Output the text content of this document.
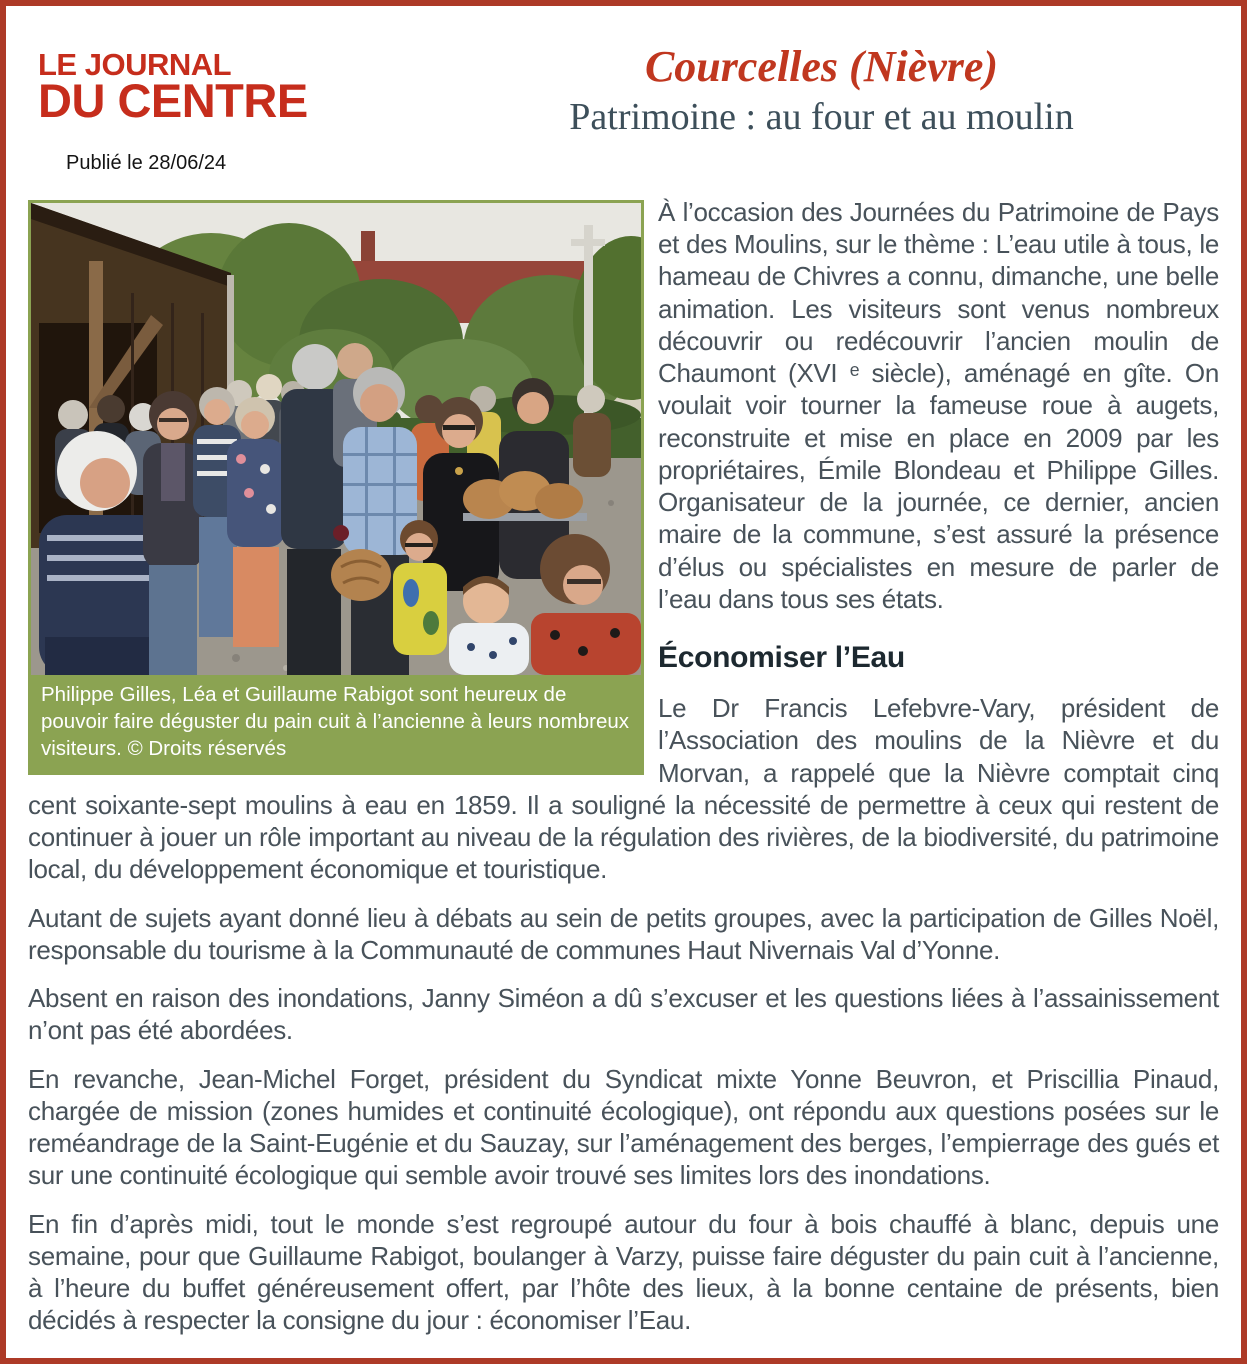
LE JOURNAL
DU CENTRE
Publié le 28/06/24
Courcelles (Nièvre)
Patrimoine : au four et au moulin
Philippe Gilles, Léa et Guillaume Rabigot sont heureux de pouvoir faire déguster du pain cuit à l’ancienne à leurs nombreux visiteurs. © Droits réservés

À l’occasion des Journées du Patrimoine de Pays et des Moulins, sur le thème : L’eau utile à tous, le hameau de Chivres a connu, dimanche, une belle animation. Les visiteurs sont venus nombreux découvrir ou redécouvrir l’ancien moulin de Chaumont (XVI ᵉ siècle), aménagé en gîte. On voulait voir tourner la fameuse roue à augets, reconstruite et mise en place en 2009 par les propriétaires, Émile Blondeau et Philippe Gilles. Organisateur de la journée, ce dernier, ancien maire de la commune, s’est assuré la présence d’élus ou spécialistes en mesure de parler de l’eau dans tous ses états.

Économiser l’Eau

Le Dr Francis Lefebvre-Vary, président de l’Association des moulins de la Nièvre et du Morvan, a rappelé que la Nièvre comptait cinq cent soixante-sept moulins à eau en 1859. Il a souligné la nécessité de permettre à ceux qui restent de continuer à jouer un rôle important au niveau de la régulation des rivières, de la biodiversité, du patrimoine local, du développement économique et touristique.

Autant de sujets ayant donné lieu à débats au sein de petits groupes, avec la participation de Gilles Noël, responsable du tourisme à la Communauté de communes Haut Nivernais Val d’Yonne.

Absent en raison des inondations, Janny Siméon a dû s’excuser et les questions liées à l’assainissement n’ont pas été abordées.

En revanche, Jean-Michel Forget, président du Syndicat mixte Yonne Beuvron, et Priscillia Pinaud, chargée de mission (zones humides et continuité écologique), ont répondu aux questions posées sur le reméandrage de la Saint-Eugénie et du Sauzay, sur l’aménagement des berges, l’empierrage des gués et sur une continuité écologique qui semble avoir trouvé ses limites lors des inondations.

En fin d’après midi, tout le monde s’est regroupé autour du four à bois chauffé à blanc, depuis une semaine, pour que Guillaume Rabigot, boulanger à Varzy, puisse faire déguster du pain cuit à l’ancienne, à l’heure du buffet généreusement offert, par l’hôte des lieux, à la bonne centaine de présents, bien décidés à respecter la consigne du jour : économiser l’Eau.
